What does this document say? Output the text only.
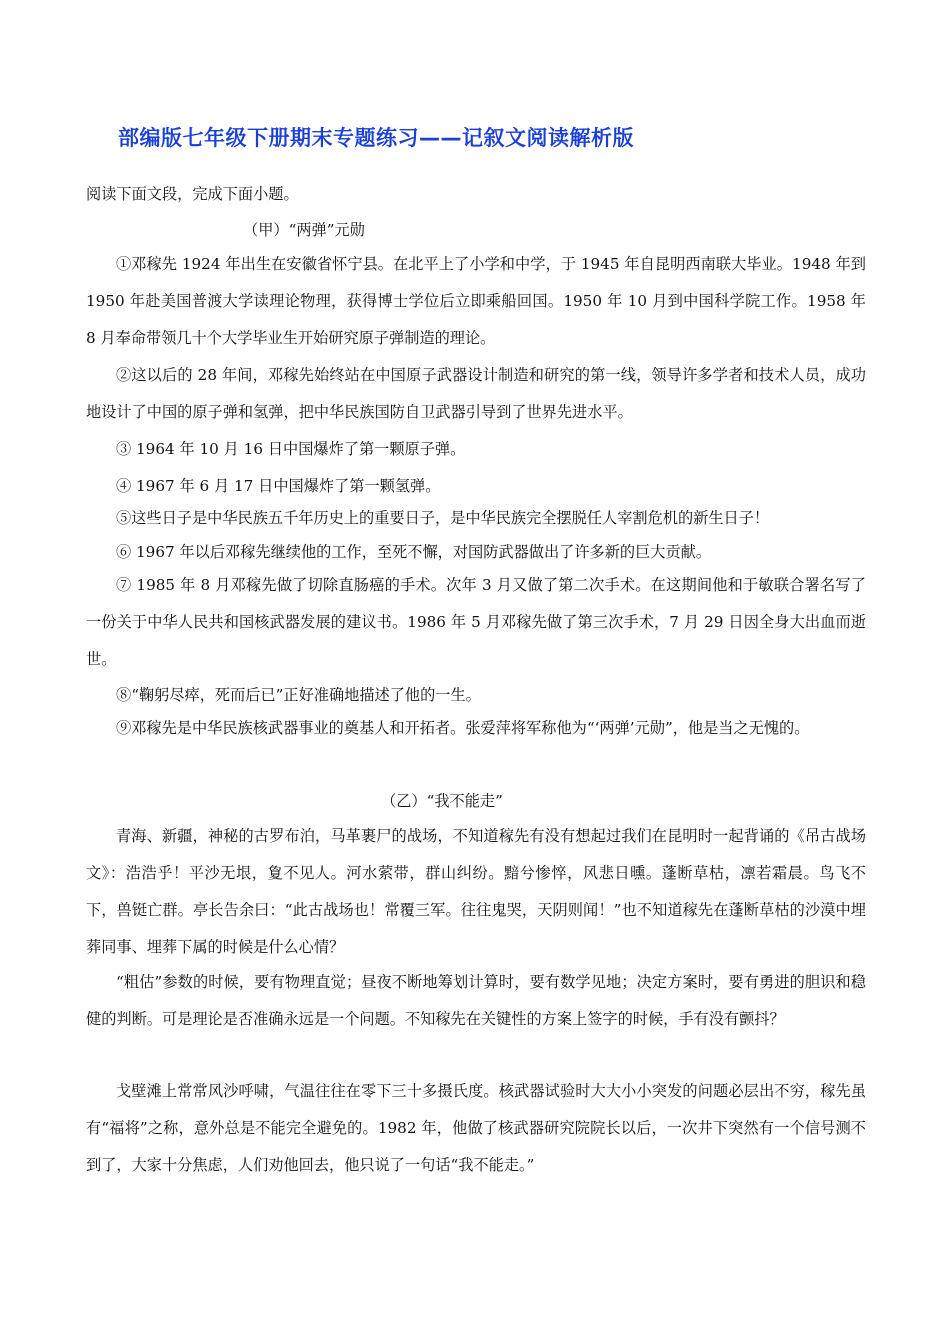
部编版七年级下册期末专题练习——记叙文阅读解析版
阅读下面文段，完成下面小题。
（甲）“两弹”元勋
①邓稼先 1924 年出生在安徽省怀宁县。在北平上了小学和中学，于 1945 年自昆明西南联大毕业。1948 年到 1950 年赴美国普渡大学读理论物理，获得博士学位后立即乘船回国。1950 年 10 月到中国科学院工作。1958 年 8 月奉命带领几十个大学毕业生开始研究原子弹制造的理论。
②这以后的 28 年间，邓稼先始终站在中国原子武器设计制造和研究的第一线，领导许多学者和技术人员，成功地设计了中国的原子弹和氢弹，把中华民族国防自卫武器引导到了世界先进水平。
③ 1964 年 10 月 16 日中国爆炸了第一颗原子弹。
④ 1967 年 6 月 17 日中国爆炸了第一颗氢弹。
⑤这些日子是中华民族五千年历史上的重要日子，是中华民族完全摆脱任人宰割危机的新生日子！
⑥ 1967 年以后邓稼先继续他的工作，至死不懈，对国防武器做出了许多新的巨大贡献。
⑦ 1985 年 8 月邓稼先做了切除直肠癌的手术。次年 3 月又做了第二次手术。在这期间他和于敏联合署名写了一份关于中华人民共和国核武器发展的建议书。1986 年 5 月邓稼先做了第三次手术，7 月 29 日因全身大出血而逝世。
⑧“鞠躬尽瘁，死而后已”正好准确地描述了他的一生。
⑨邓稼先是中华民族核武器事业的奠基人和开拓者。张爱萍将军称他为“‘两弹’元勋”，他是当之无愧的。
（乙）“我不能走”
青海、新疆，神秘的古罗布泊，马革裹尸的战场，不知道稼先有没有想起过我们在昆明时一起背诵的《吊古战场文》：浩浩乎！平沙无垠，夐不见人。河水萦带，群山纠纷。黯兮惨悴，风悲日曛。蓬断草枯，凛若霜晨。鸟飞不下，兽铤亡群。亭长告余曰：“此古战场也！常覆三军。往往鬼哭，天阴则闻！”也不知道稼先在蓬断草枯的沙漠中埋葬同事、埋葬下属的时候是什么心情？
“粗估”参数的时候，要有物理直觉；昼夜不断地筹划计算时，要有数学见地；决定方案时，要有勇进的胆识和稳健的判断。可是理论是否准确永远是一个问题。不知稼先在关键性的方案上签字的时候，手有没有颤抖？
戈壁滩上常常风沙呼啸，气温往往在零下三十多摄氏度。核武器试验时大大小小突发的问题必层出不穷，稼先虽有“福将”之称，意外总是不能完全避免的。1982 年，他做了核武器研究院院长以后，一次井下突然有一个信号测不到了，大家十分焦虑，人们劝他回去，他只说了一句话“我不能走。”
